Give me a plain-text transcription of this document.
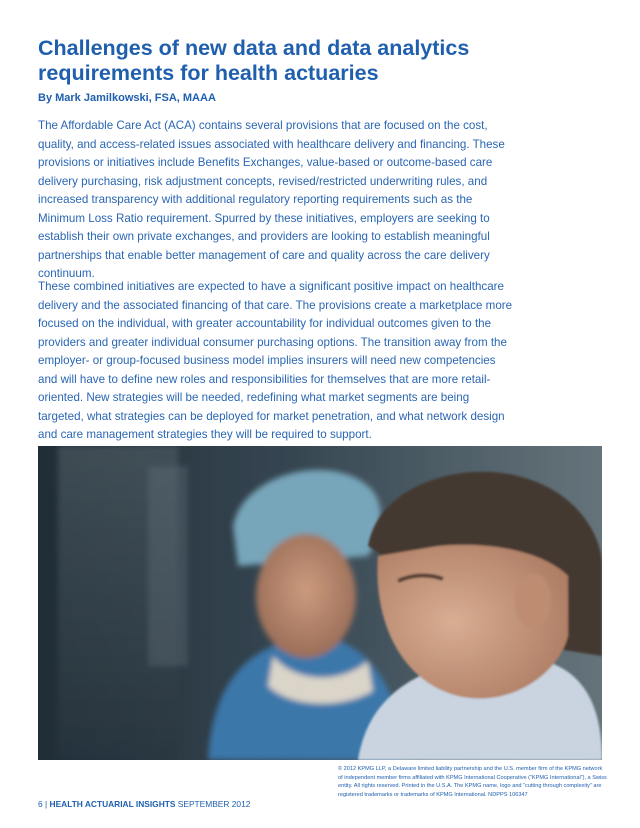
Challenges of new data and data analytics requirements for health actuaries
By Mark Jamilkowski, FSA, MAAA

The Affordable Care Act (ACA) contains several provisions that are focused on the cost, quality, and access-related issues associated with healthcare delivery and financing. These provisions or initiatives include Benefits Exchanges, value-based or outcome-based care delivery purchasing, risk adjustment concepts, revised/restricted underwriting rules, and increased transparency with additional regulatory reporting requirements such as the Minimum Loss Ratio requirement. Spurred by these initiatives, employers are seeking to establish their own private exchanges, and providers are looking to establish meaningful partnerships that enable better management of care and quality across the care delivery continuum.

These combined initiatives are expected to have a significant positive impact on healthcare delivery and the associated financing of that care. The provisions create a marketplace more focused on the individual, with greater accountability for individual outcomes given to the providers and greater individual consumer purchasing options. The transition away from the employer- or group-focused business model implies insurers will need new competencies and will have to define new roles and responsibilities for themselves that are more retail-oriented. New strategies will be needed, redefining what market segments are being targeted, what strategies can be deployed for market penetration, and what network design and care management strategies they will be required to support.

© 2012 KPMG LLP, a Delaware limited liability partnership and the U.S. member firm of the KPMG network of independent member firms affiliated with KPMG International Cooperative (“KPMG International”), a Swiss entity. All rights reserved. Printed in the U.S.A. The KPMG name, logo and “cutting through complexity” are registered trademarks or trademarks of KPMG International. NDPPS 106347

6 | HEALTH ACTUARIAL INSIGHTS SEPTEMBER 2012
